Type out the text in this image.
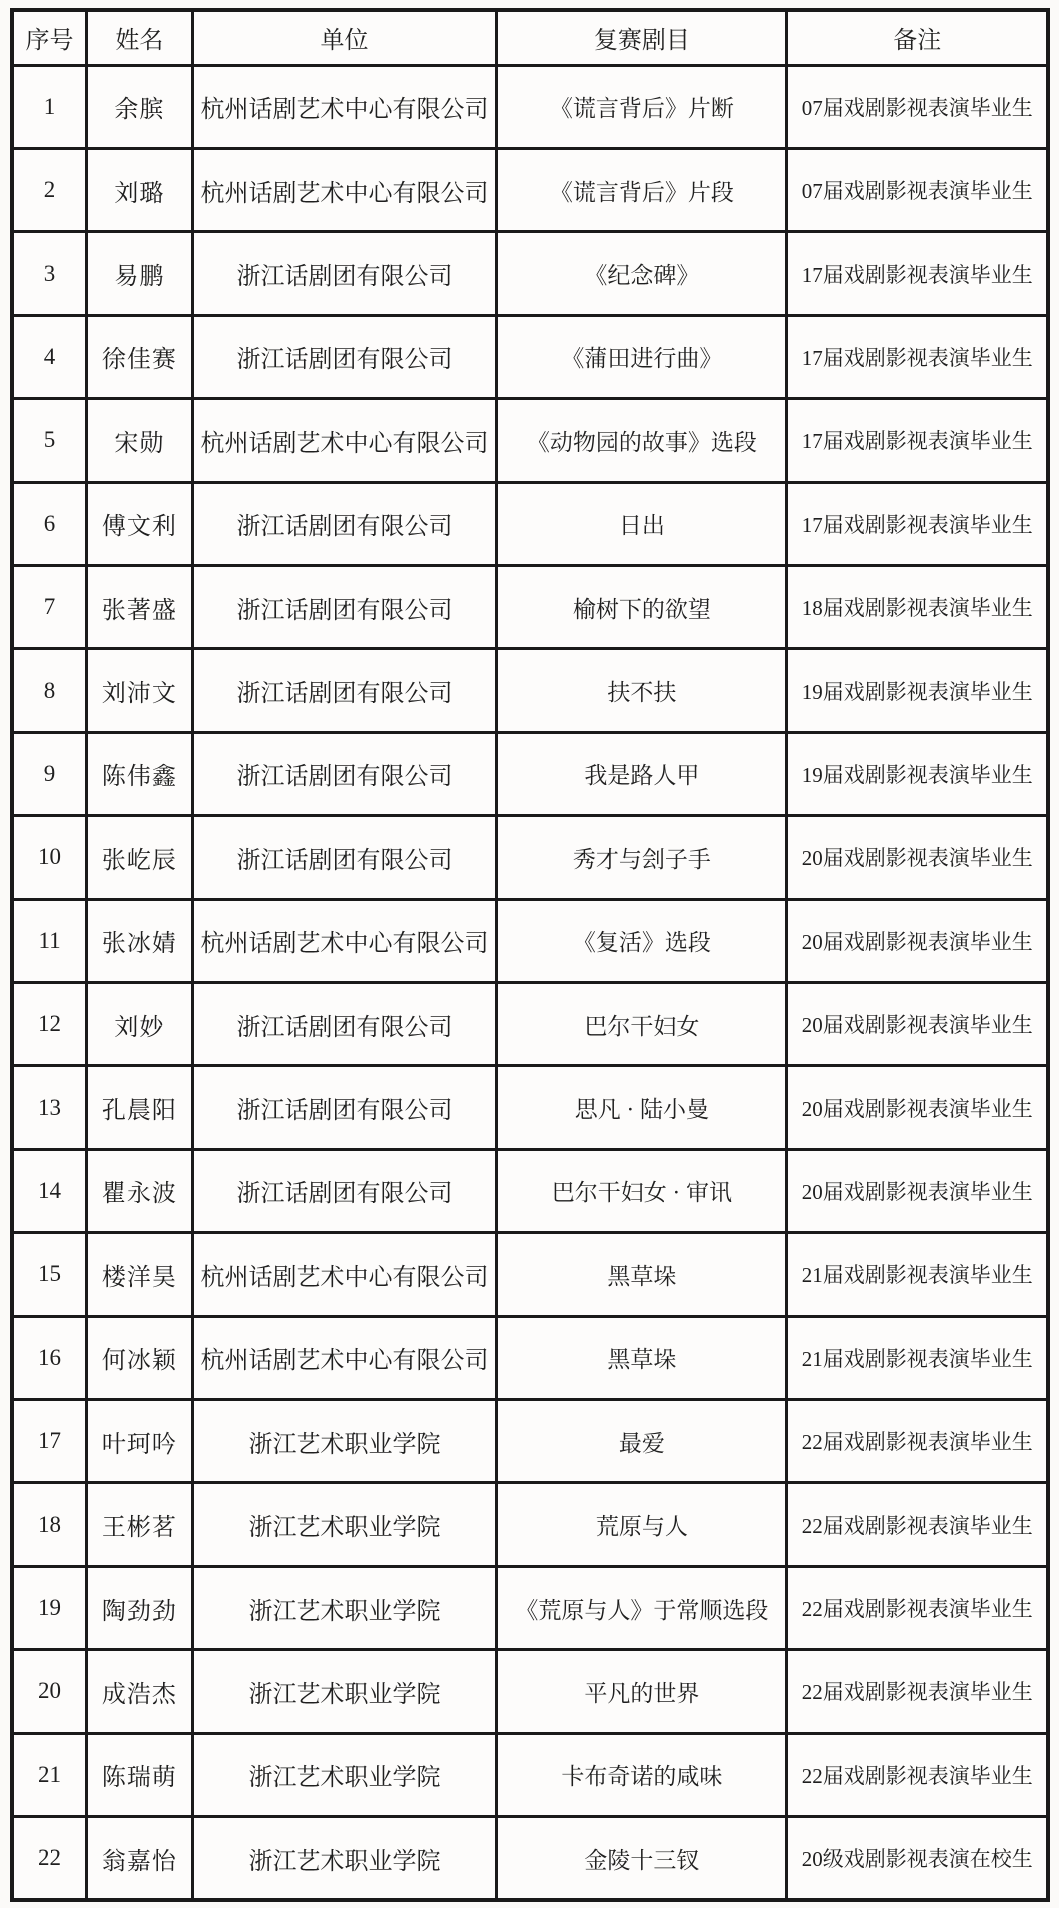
序号	姓名	单位	复赛剧目	备注
1	余膑	杭州话剧艺术中心有限公司	《谎言背后》片断	07届戏剧影视表演毕业生
2	刘璐	杭州话剧艺术中心有限公司	《谎言背后》片段	07届戏剧影视表演毕业生
3	易鹏	浙江话剧团有限公司	《纪念碑》	17届戏剧影视表演毕业生
4	徐佳赛	浙江话剧团有限公司	《蒲田进行曲》	17届戏剧影视表演毕业生
5	宋勋	杭州话剧艺术中心有限公司	《动物园的故事》选段	17届戏剧影视表演毕业生
6	傅文利	浙江话剧团有限公司	日出	17届戏剧影视表演毕业生
7	张著盛	浙江话剧团有限公司	榆树下的欲望	18届戏剧影视表演毕业生
8	刘沛文	浙江话剧团有限公司	扶不扶	19届戏剧影视表演毕业生
9	陈伟鑫	浙江话剧团有限公司	我是路人甲	19届戏剧影视表演毕业生
10	张屹辰	浙江话剧团有限公司	秀才与刽子手	20届戏剧影视表演毕业生
11	张冰婧	杭州话剧艺术中心有限公司	《复活》选段	20届戏剧影视表演毕业生
12	刘妙	浙江话剧团有限公司	巴尔干妇女	20届戏剧影视表演毕业生
13	孔晨阳	浙江话剧团有限公司	思凡 · 陆小曼	20届戏剧影视表演毕业生
14	瞿永波	浙江话剧团有限公司	巴尔干妇女 · 审讯	20届戏剧影视表演毕业生
15	楼洋昊	杭州话剧艺术中心有限公司	黑草垛	21届戏剧影视表演毕业生
16	何冰颖	杭州话剧艺术中心有限公司	黑草垛	21届戏剧影视表演毕业生
17	叶珂吟	浙江艺术职业学院	最爱	22届戏剧影视表演毕业生
18	王彬茗	浙江艺术职业学院	荒原与人	22届戏剧影视表演毕业生
19	陶劲劲	浙江艺术职业学院	《荒原与人》于常顺选段	22届戏剧影视表演毕业生
20	成浩杰	浙江艺术职业学院	平凡的世界	22届戏剧影视表演毕业生
21	陈瑞萌	浙江艺术职业学院	卡布奇诺的咸味	22届戏剧影视表演毕业生
22	翁嘉怡	浙江艺术职业学院	金陵十三钗	20级戏剧影视表演在校生
